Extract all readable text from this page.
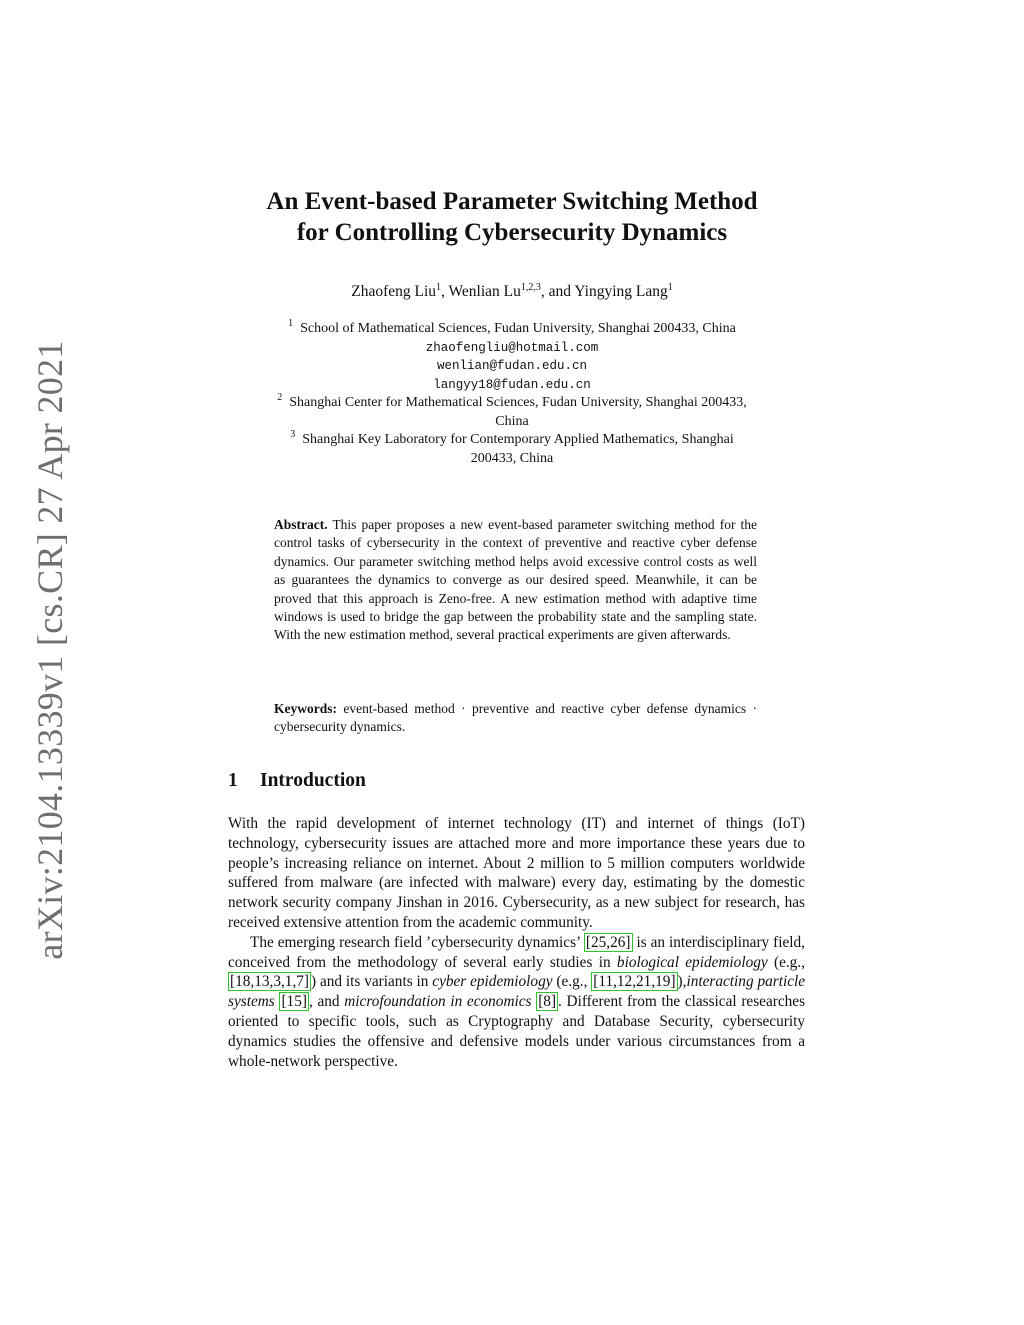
arXiv:2104.13339v1 [cs.CR] 27 Apr 2021
An Event-based Parameter Switching Method
for Controlling Cybersecurity Dynamics
Zhaofeng Liu$^1$, Wenlian Lu$^{1,2,3}$, and Yingying Lang$^1$
$^1$ School of Mathematical Sciences, Fudan University, Shanghai 200433, China
zhaofengliu@hotmail.com
wenlian@fudan.edu.cn
langyy18@fudan.edu.cn
$^2$ Shanghai Center for Mathematical Sciences, Fudan University, Shanghai 200433,
China
$^3$ Shanghai Key Laboratory for Contemporary Applied Mathematics, Shanghai
200433, China
Abstract. This paper proposes a new event-based parameter switching method for the control tasks of cybersecurity in the context of preventive and reactive cyber defense dynamics. Our parameter switching method helps avoid excessive control costs as well as guarantees the dynamics to converge as our desired speed. Meanwhile, it can be proved that this approach is Zeno-free. A new estimation method with adaptive time windows is used to bridge the gap between the probability state and the sampling state. With the new estimation method, several practical experiments are given afterwards.
Keywords: event-based method · preventive and reactive cyber defense dynamics · cybersecurity dynamics.
1 Introduction

With the rapid development of internet technology (IT) and internet of things (IoT) technology, cybersecurity issues are attached more and more importance these years due to people’s increasing reliance on internet. About 2 million to 5 million computers worldwide suffered from malware (are infected with malware) every day, estimating by the domestic network security company Jinshan in 2016. Cybersecurity, as a new subject for research, has received extensive attention from the academic community.

The emerging research field ’cybersecurity dynamics’ [25,26] is an interdisciplinary field, conceived from the methodology of several early studies in biological epidemiology (e.g., [18,13,3,1,7] ) and its variants in cyber epidemiology (e.g., [11,12,21,19] ),interacting particle systems [15] , and microfoundation in economics [8] . Different from the classical researches oriented to specific tools, such as Cryptography and Database Security, cybersecurity dynamics studies the offensive and defensive models under various circumstances from a whole-network perspective.
